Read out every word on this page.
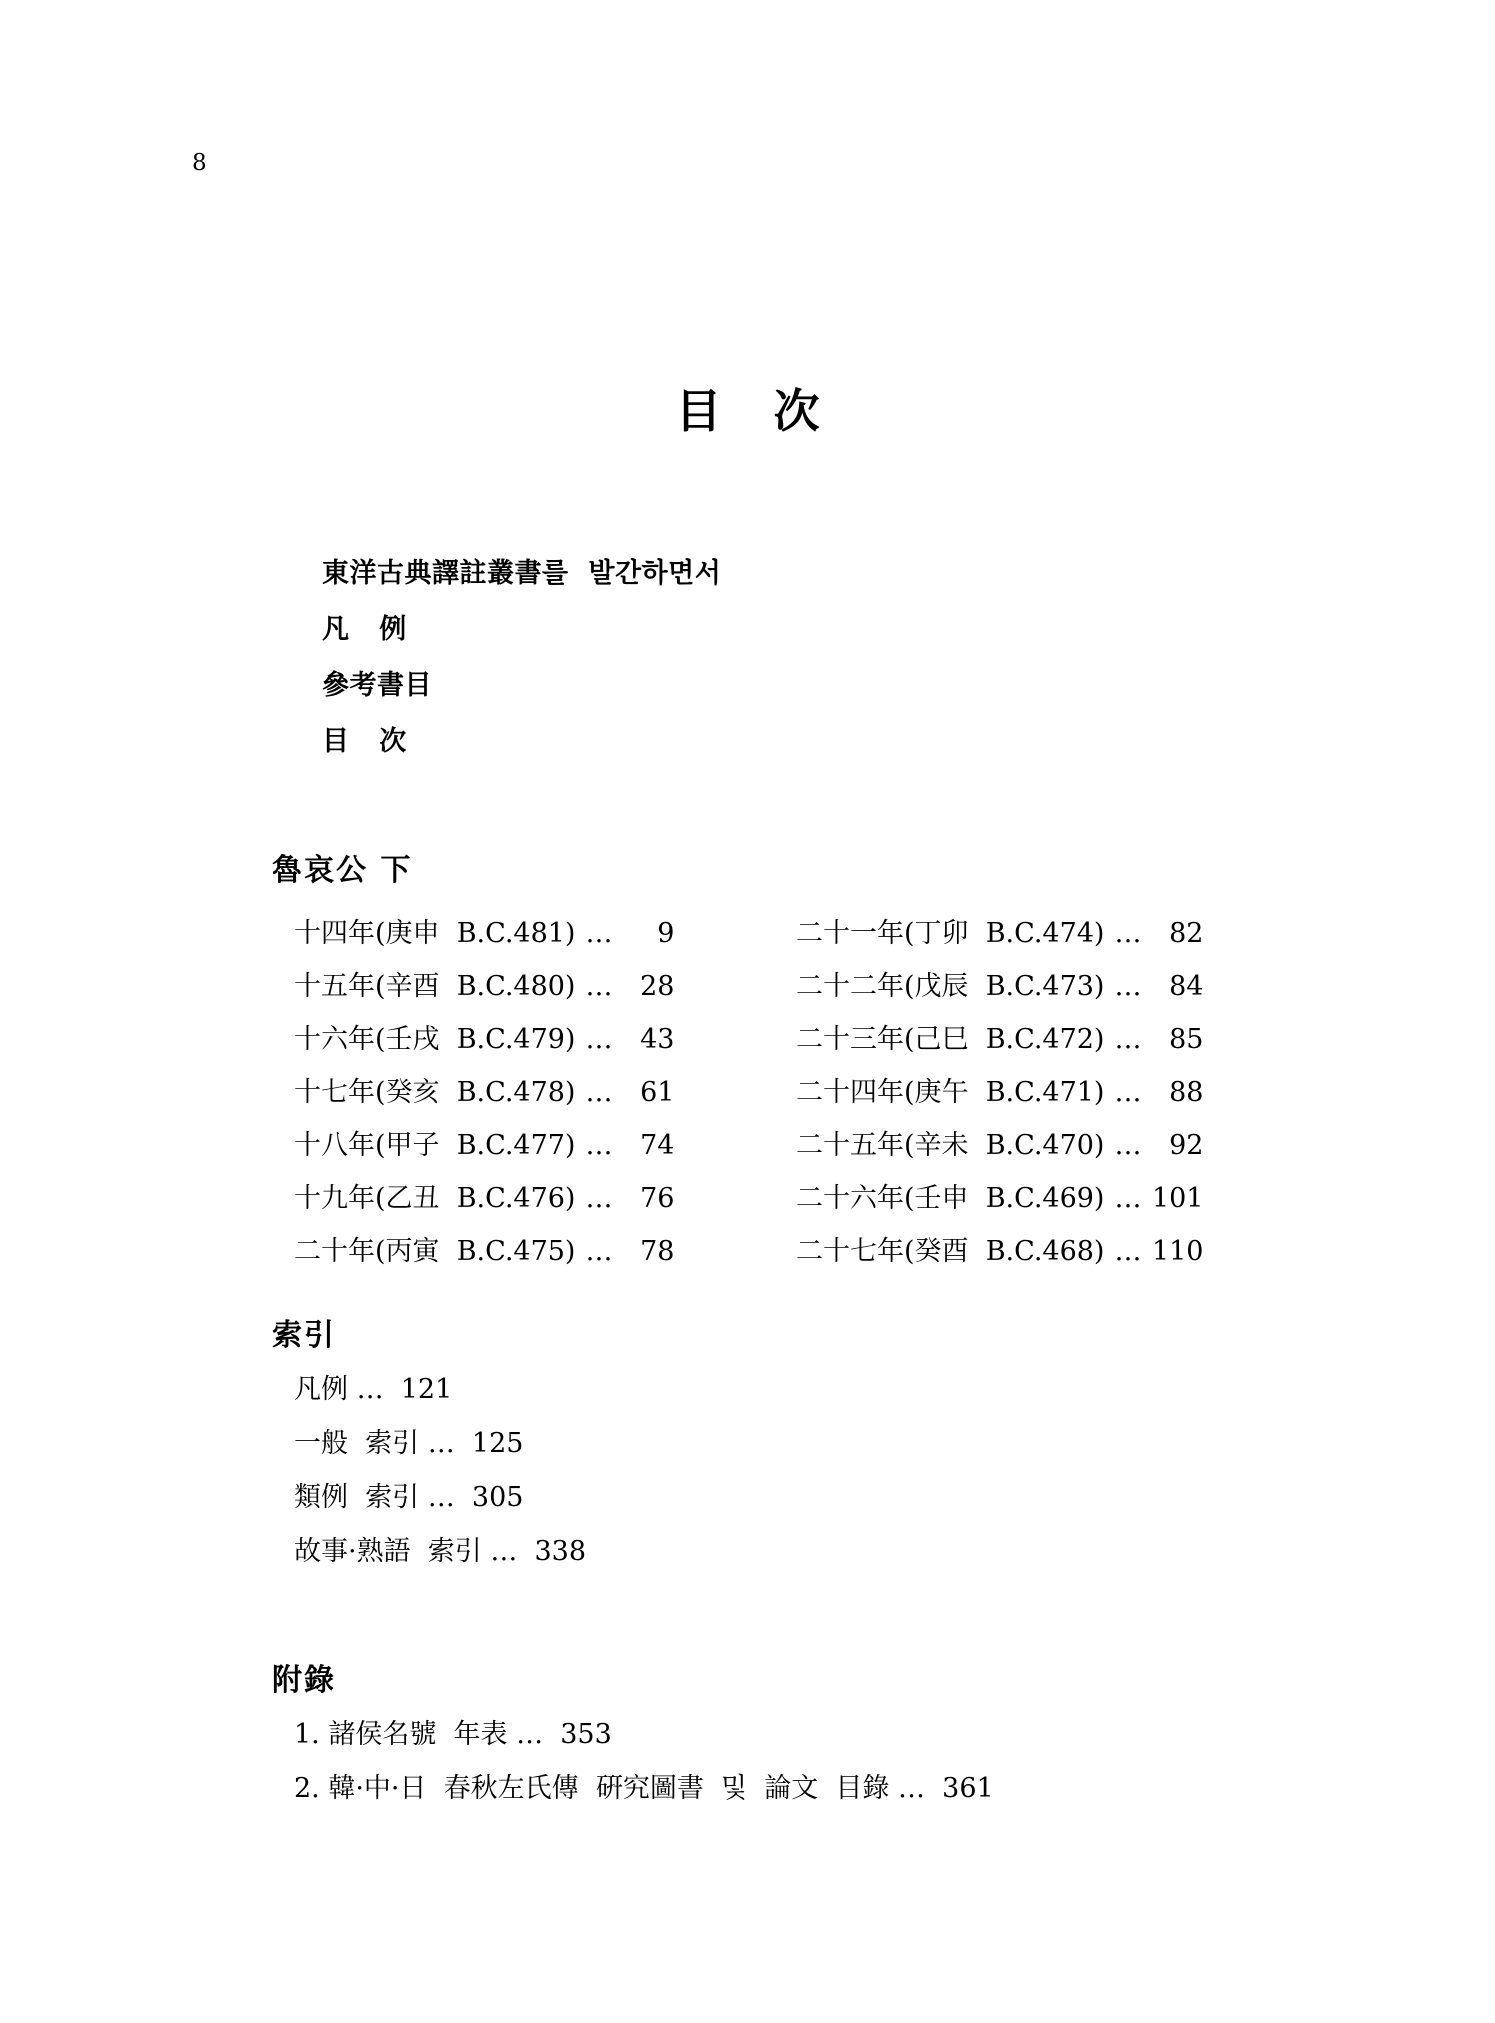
8
目 次
東洋古典譯註叢書를  발간하면서
凡   例
參考書目
目   次
魯哀公 下
十四年(庚申  B.C.481) …	9	二十一年(丁卯  B.C.474) …	82
十五年(辛酉  B.C.480) …	28	二十二年(戊辰  B.C.473) …	84
十六年(壬戌  B.C.479) …	43	二十三年(己巳  B.C.472) …	85
十七年(癸亥  B.C.478) …	61	二十四年(庚午  B.C.471) …	88
十八年(甲子  B.C.477) …	74	二十五年(辛未  B.C.470) …	92
十九年(乙丑  B.C.476) …	76	二十六年(壬申  B.C.469) … 101
二十年(丙寅  B.C.475) …	78	二十七年(癸酉  B.C.468) … 110
索引
凡例 …  121
一般  索引 …  125
類例  索引 …  305
故事·熟語  索引 …  338
附錄
1. 諸侯名號  年表 …  353
2. 韓·中·日  春秋左氏傳  硏究圖書  및  論文  目錄 …  361
